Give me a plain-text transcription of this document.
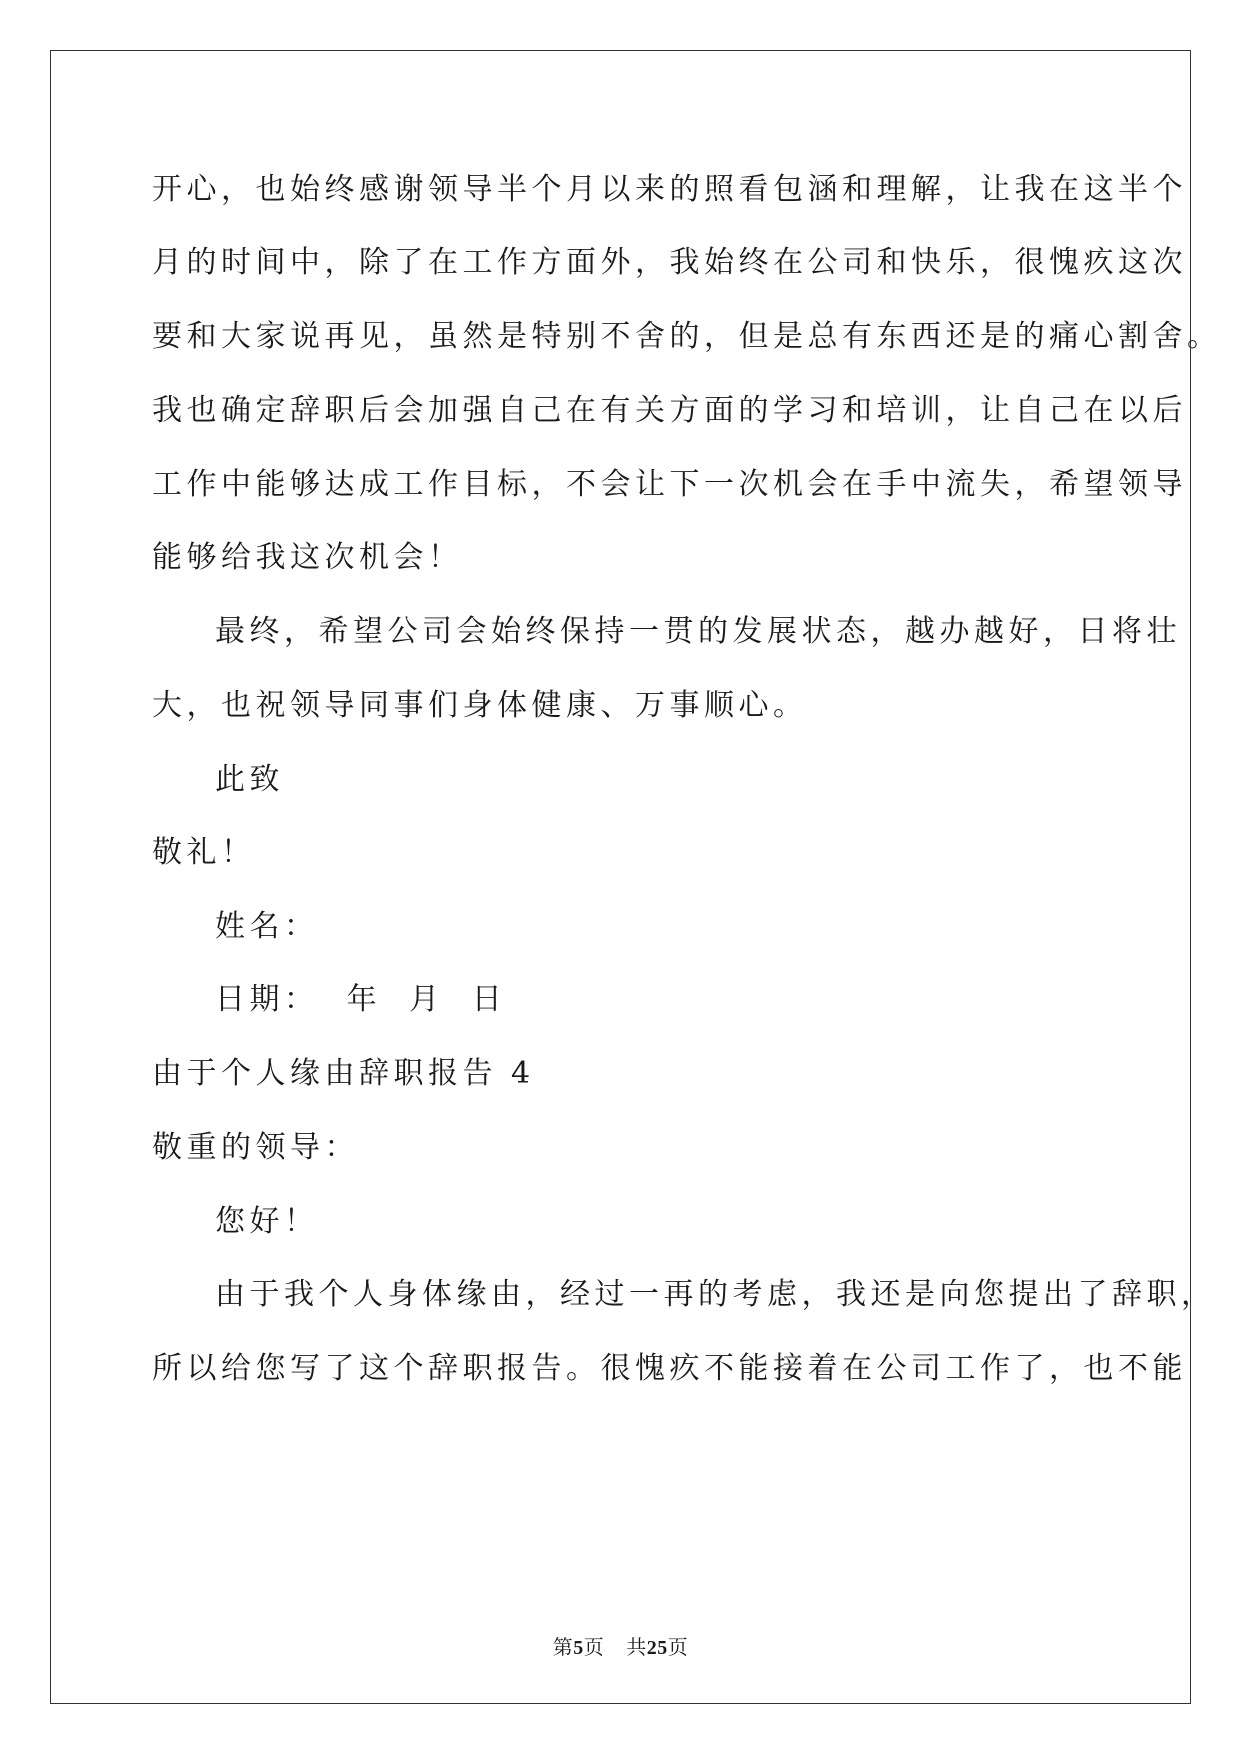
开心，也始终感谢领导半个月以来的照看包涵和理解，让我在这半个
月的时间中，除了在工作方面外，我始终在公司和快乐，很愧疚这次
要和大家说再见，虽然是特别不舍的，但是总有东西还是的痛心割舍。
我也确定辞职后会加强自己在有关方面的学习和培训，让自己在以后
工作中能够达成工作目标，不会让下一次机会在手中流失，希望领导
能够给我这次机会！
最终，希望公司会始终保持一贯的发展状态，越办越好，日将壮
大，也祝领导同事们身体健康、万事顺心。
此致
敬礼！
姓名：
日期：  年  月  日
由于个人缘由辞职报告 4
敬重的领导：
您好！
由于我个人身体缘由，经过一再的考虑，我还是向您提出了辞职，
所以给您写了这个辞职报告。很愧疚不能接着在公司工作了，也不能
第5页 共25页
